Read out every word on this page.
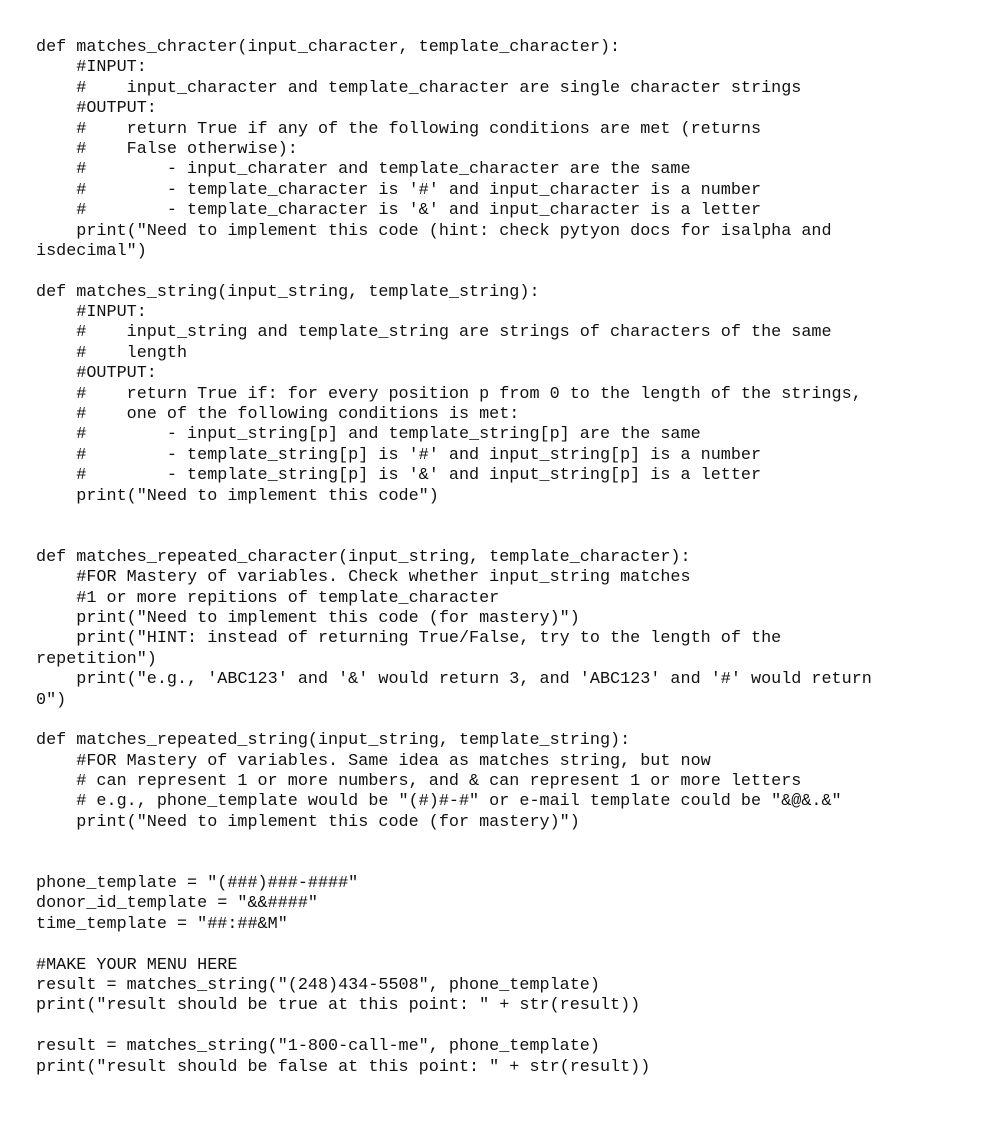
def matches_chracter(input_character, template_character):
#INPUT:
#    input_character and template_character are single character strings
#OUTPUT:
#    return True if any of the following conditions are met (returns
#    False otherwise):
#        - input_charater and template_character are the same
#        - template_character is '#' and input_character is a number
#        - template_character is '&' and input_character is a letter
print("Need to implement this code (hint: check pytyon docs for isalpha and
isdecimal")
def matches_string(input_string, template_string):
#INPUT:
#    input_string and template_string are strings of characters of the same
#    length
#OUTPUT:
#    return True if: for every position p from 0 to the length of the strings,
#    one of the following conditions is met:
#        - input_string[p] and template_string[p] are the same
#        - template_string[p] is '#' and input_string[p] is a number
#        - template_string[p] is '&' and input_string[p] is a letter
print("Need to implement this code")
def matches_repeated_character(input_string, template_character):
#FOR Mastery of variables. Check whether input_string matches
#1 or more repitions of template_character
print("Need to implement this code (for mastery)")
print("HINT: instead of returning True/False, try to the length of the
repetition")
print("e.g., 'ABC123' and '&' would return 3, and 'ABC123' and '#' would return
0")
def matches_repeated_string(input_string, template_string):
#FOR Mastery of variables. Same idea as matches string, but now
# can represent 1 or more numbers, and & can represent 1 or more letters
# e.g., phone_template would be "(#)#-#" or e-mail template could be "&@&.&"
print("Need to implement this code (for mastery)")
phone_template = "(###)###-####"
donor_id_template = "&&####"
time_template = "##:##&M"
#MAKE YOUR MENU HERE
result = matches_string("(248)434-5508", phone_template)
print("result should be true at this point: " + str(result))
result = matches_string("1-800-call-me", phone_template)
print("result should be false at this point: " + str(result))
